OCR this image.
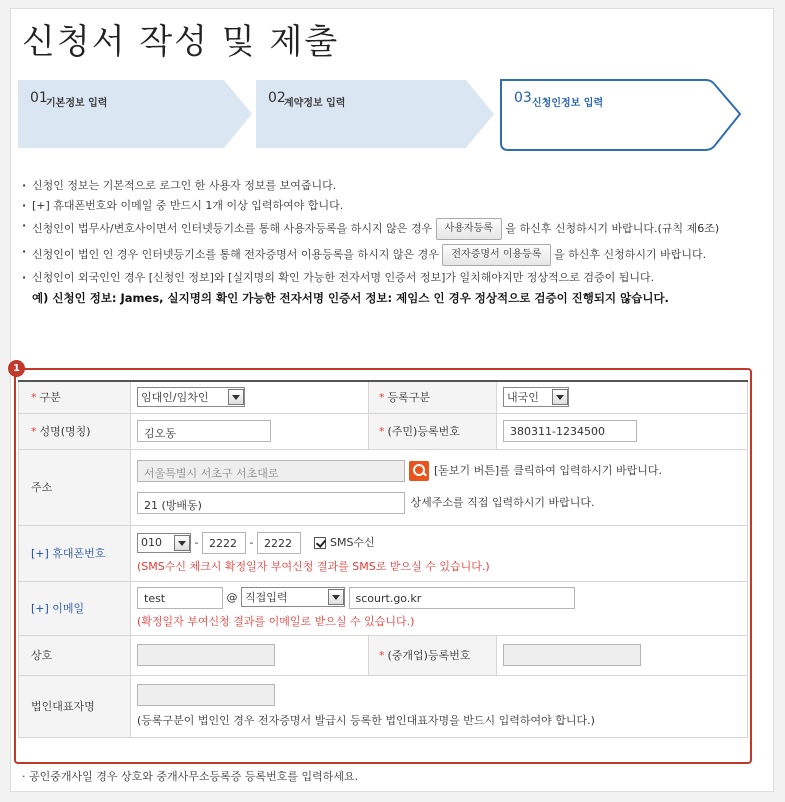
신청서 작성 및 제출
01
기본정보 입력	02
계약정보 입력	03 신청인정보 입력
· 신청인 정보는 기본적으로 로그인 한 사용자 정보를 보여줍니다.
· [+] 휴대폰번호와 이메일 중 반드시 1개 이상 입력하여야 합니다.
· 신청인이 법무사/변호사이면서 인터넷등기소를 통해 사용자등록을 하시지 않은 경우 사용자등록 을 하신후 신청하시기 바랍니다.(규칙 제6조)
· 신청인이 법인 인 경우 인터넷등기소를 통해 전자증명서 이용등록을 하시지 않은 경우 전자증명서 이용등록 을 하신후 신청하시기 바랍니다.
· 신청인이 외국인인 경우 [신청인 정보]와 [실지명의 확인 가능한 전자서명 인증서 정보]가 일치해야지만 정상적으로 검증이 됩니다.
예) 신청인 정보: James, 실지명의 확인 가능한 전자서명 인증서 정보: 제임스 인 경우 정상적으로 검증이 진행되지 않습니다.
1
* 구분	임대인/임차인	* 등록구분	내국인

* 성명(명칭)	김오동	* (주민)등록번호	380311-1234500
주소	서울특별시 서초구 서초대로 [돋보기 버튼]를 클릭하여 입력하시기 바랍니다.
21 (방배동) 상세주소를 직접 입력하시기 바랍니다.		

[+] 휴대폰번호	010 - 2222 - 2222 SMS수신
(SMS수신 체크시 확정일자 부여신청 결과를 SMS로 받으실 수 있습니다.)		

[+] 이메일	test @ 직접입력 scourt.go.kr
(확정일자 부여신청 결과를 이메일로 받으실 수 있습니다.)		

상호		* (중개업)등록번호	
법인대표자명	(등록구분이 법인인 경우 전자증명서 발급시 등록한 법인대표자명을 반드시 입력하여야 합니다.)		
· 공인중개사일 경우 상호와 중개사무소등록증 등록번호를 입력하세요.
